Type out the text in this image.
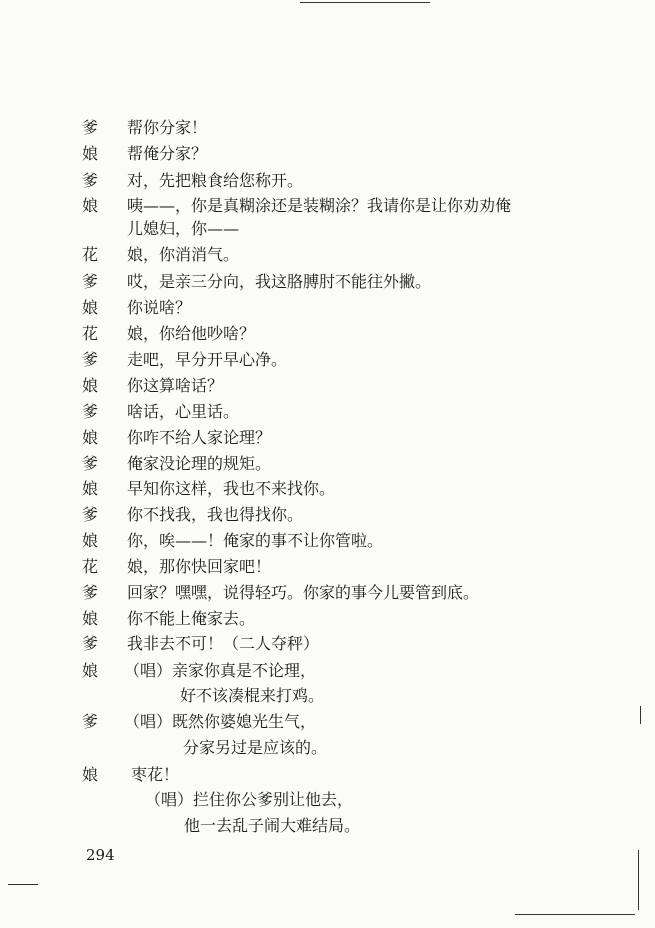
爹	帮你分家！
娘	帮俺分家？
爹	对，先把粮食给您称开。
娘	咦——，你是真糊涂还是装糊涂？我请你是让你劝劝俺
儿媳妇，你——
花	娘，你消消气。
爹	哎，是亲三分向，我这胳膊肘不能往外撇。
娘	你说啥？
花	娘，你给他吵啥？
爹	走吧，早分开早心净。
娘	你这算啥话？
爹	啥话，心里话。
娘	你咋不给人家论理？
爹	俺家没论理的规矩。
娘	早知你这样，我也不来找你。
爹	你不找我，我也得找你。
娘	你，唉——！俺家的事不让你管啦。
花	娘，那你快回家吧！
爹	回家？嘿嘿，说得轻巧。你家的事今儿要管到底。
娘	你不能上俺家去。
爹	我非去不可！（二人夺秤）
娘	（唱）亲家你真是不论理，
好不该凑棍来打鸡。
爹	（唱）既然你婆媳光生气，
分家另过是应该的。
娘	枣花！
（唱）拦住你公爹别让他去，
他一去乱子闹大难结局。
294
